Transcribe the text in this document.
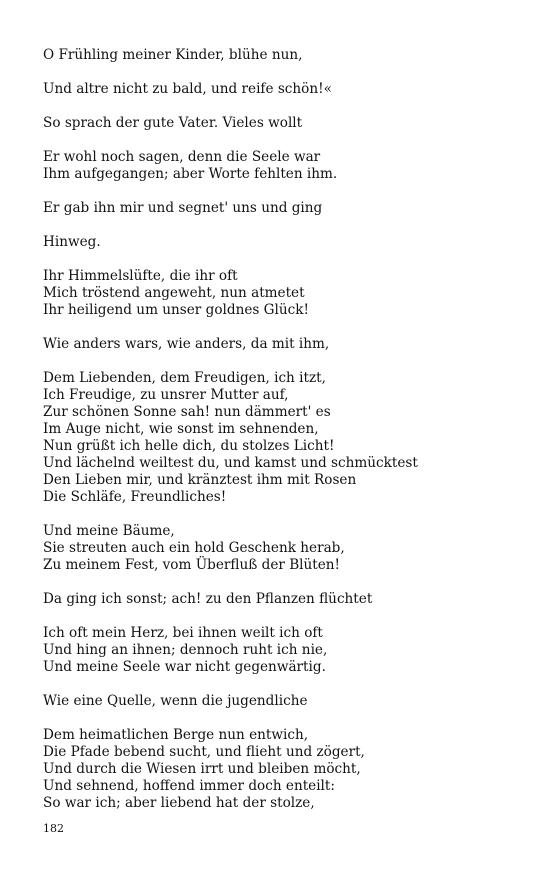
O Frühling meiner Kinder, blühe nun,
Und altre nicht zu bald, und reife schön!«
So sprach der gute Vater. Vieles wollt
Er wohl noch sagen, denn die Seele war
Ihm aufgegangen; aber Worte fehlten ihm.
Er gab ihn mir und segnet' uns und ging
Hinweg.
Ihr Himmelslüfte, die ihr oft
Mich tröstend angeweht, nun atmetet
Ihr heiligend um unser goldnes Glück!
Wie anders wars, wie anders, da mit ihm,
Dem Liebenden, dem Freudigen, ich itzt,
Ich Freudige, zu unsrer Mutter auf,
Zur schönen Sonne sah! nun dämmert' es
Im Auge nicht, wie sonst im sehnenden,
Nun grüßt ich helle dich, du stolzes Licht!
Und lächelnd weiltest du, und kamst und schmücktest
Den Lieben mir, und kränztest ihm mit Rosen
Die Schläfe, Freundliches!
Und meine Bäume,
Sie streuten auch ein hold Geschenk herab,
Zu meinem Fest, vom Überfluß der Blüten!
Da ging ich sonst; ach! zu den Pflanzen flüchtet
Ich oft mein Herz, bei ihnen weilt ich oft
Und hing an ihnen; dennoch ruht ich nie,
Und meine Seele war nicht gegenwärtig.
Wie eine Quelle, wenn die jugendliche
Dem heimatlichen Berge nun entwich,
Die Pfade bebend sucht, und flieht und zögert,
Und durch die Wiesen irrt und bleiben möcht,
Und sehnend, hoffend immer doch enteilt:
So war ich; aber liebend hat der stolze,
182
